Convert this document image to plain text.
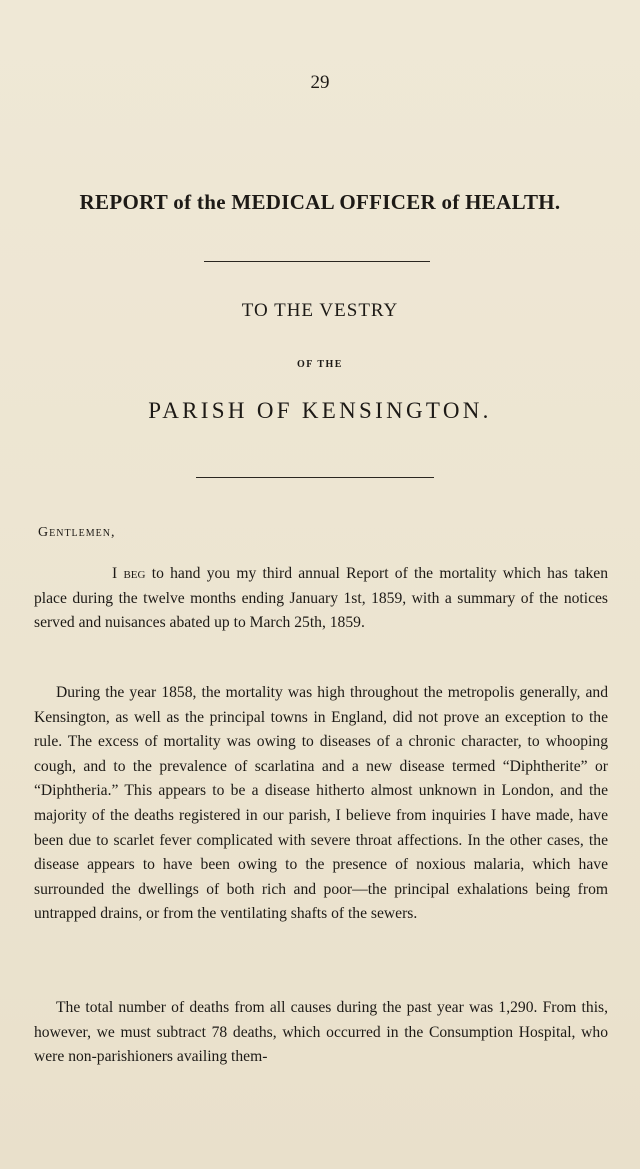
29
REPORT of the MEDICAL OFFICER of HEALTH.
TO THE VESTRY
OF THE
PARISH OF KENSINGTON.
Gentlemen,
I beg to hand you my third annual Report of the mortality which has taken place during the twelve months ending January 1st, 1859, with a summary of the notices served and nuisances abated up to March 25th, 1859.
During the year 1858, the mortality was high throughout the metropolis generally, and Kensington, as well as the principal towns in England, did not prove an exception to the rule. The excess of mortality was owing to diseases of a chronic character, to whooping cough, and to the prevalence of scarlatina and a new disease termed “Diphtherite” or “Diphtheria.” This appears to be a disease hitherto almost unknown in London, and the majority of the deaths registered in our parish, I believe from inquiries I have made, have been due to scarlet fever complicated with severe throat affections. In the other cases, the disease appears to have been owing to the presence of noxious malaria, which have surrounded the dwellings of both rich and poor—the principal exhalations being from untrapped drains, or from the ventilating shafts of the sewers.
The total number of deaths from all causes during the past year was 1,290. From this, however, we must subtract 78 deaths, which occurred in the Consumption Hospital, who were non-parishioners availing them-
